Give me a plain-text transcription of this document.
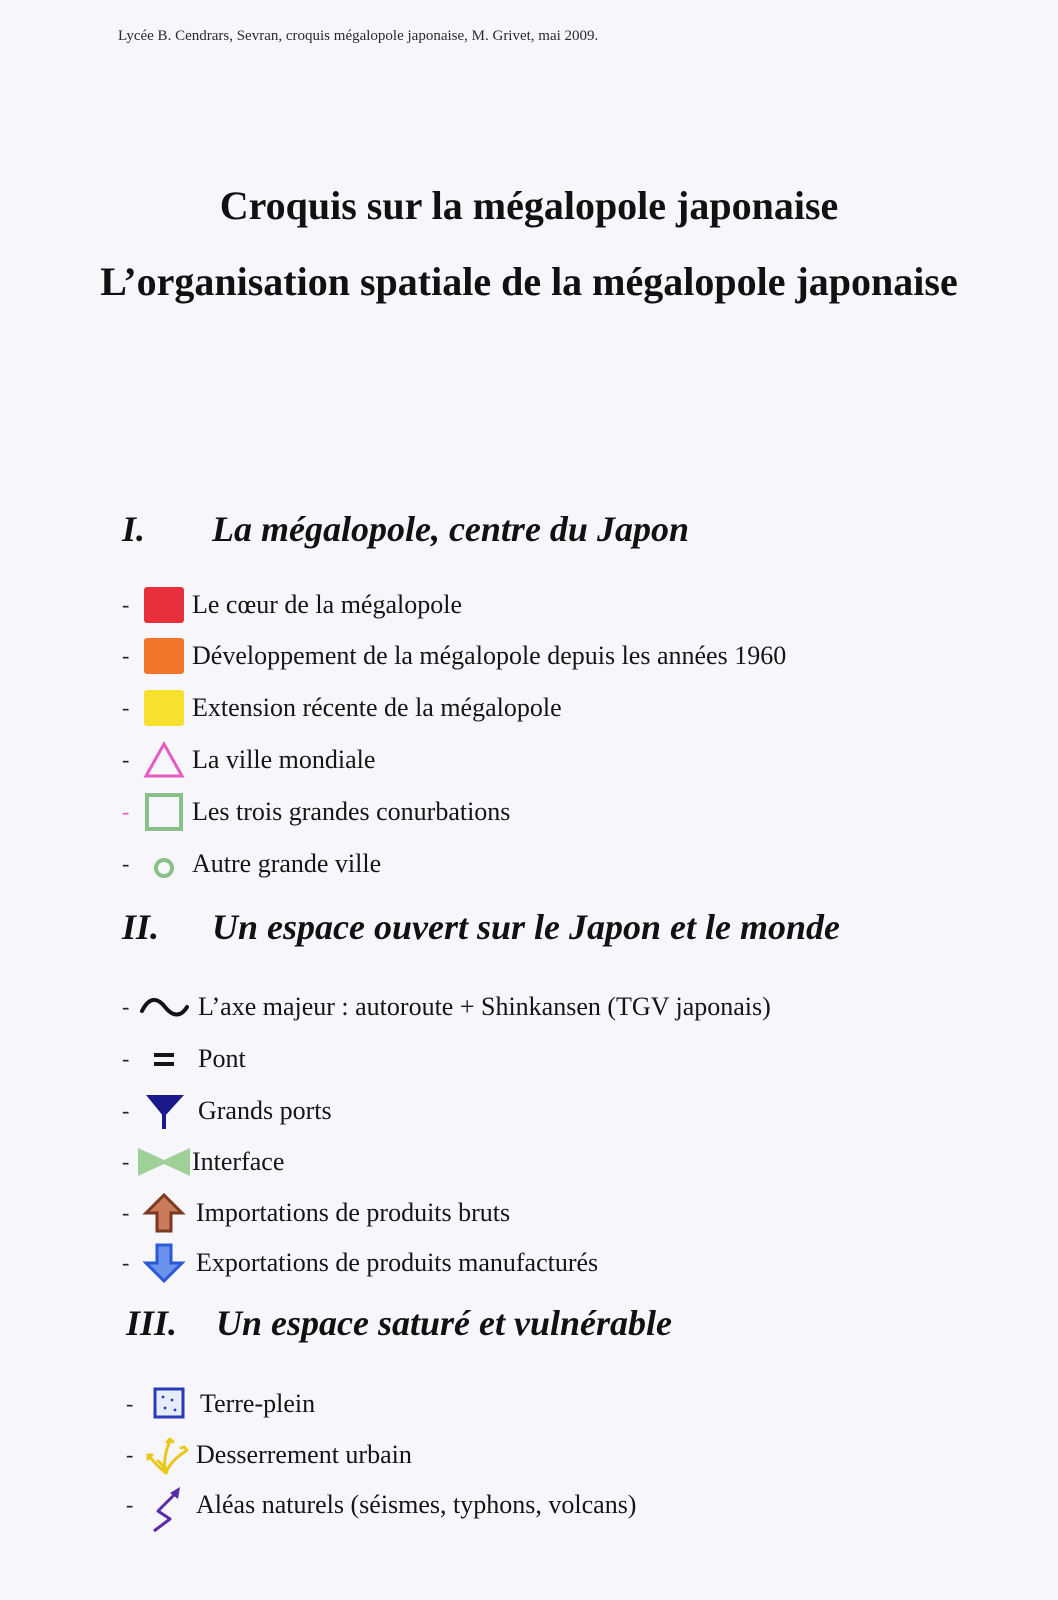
Lycée B. Cendrars, Sevran, croquis mégalopole japonaise, M. Grivet, mai 2009.
Croquis sur la mégalopole japonaise
L’organisation spatiale de la mégalopole japonaise
I. La mégalopole, centre du Japon
- Le cœur de la mégalopole
- Développement de la mégalopole depuis les années 1960
- Extension récente de la mégalopole
- La ville mondiale
- Les trois grandes conurbations
- Autre grande ville
II. Un espace ouvert sur le Japon et le monde
-	L’axe majeur : autoroute + Shinkansen (TGV japonais)
-	Pont
-	Grands ports
- Interface
-	Importations de produits bruts
-	Exportations de produits manufacturés
III. Un espace saturé et vulnérable
-	Terre-plein
- Desserrement urbain
- Aléas naturels (séismes, typhons, volcans)
